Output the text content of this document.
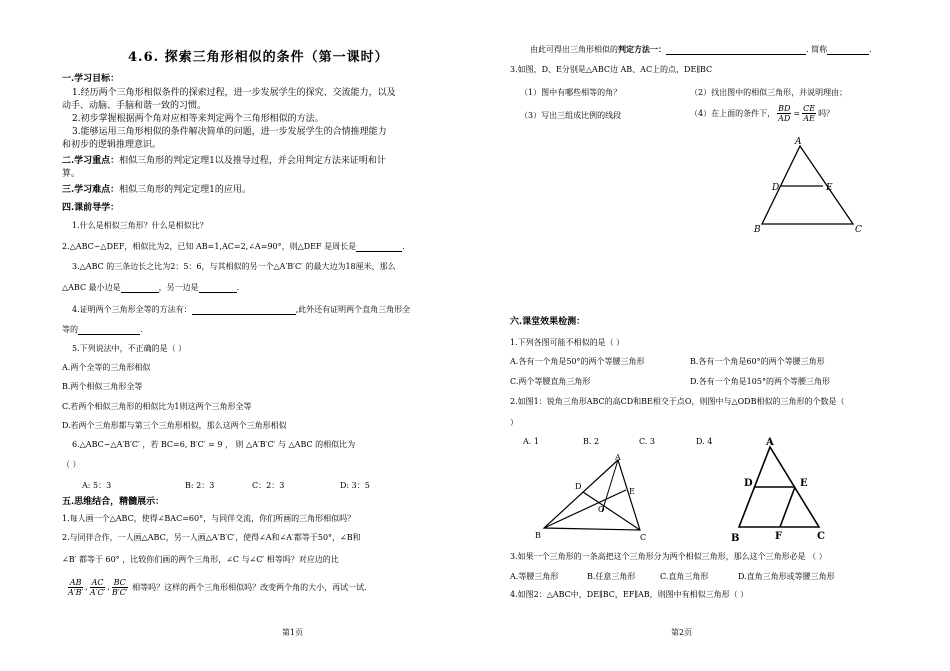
4.6. 探索三角形相似的条件（第一课时）
一.学习目标：
1.经历两个三角形相似条件的探索过程，进一步发展学生的探究、交流能力，以及
动手、动脑、手脑和谐一致的习惯。
2.初步掌握根据两个角对应相等来判定两个三角形相似的方法。
3.能够运用三角形相似的条件解决简单的问题，进一步发展学生的合情推理能力
和初步的逻辑推理意识。
二.学习重点：相似三角形的判定定理1以及推导过程，并会用判定方法来证明和计
算。
三.学习难点：相似三角形的判定定理1的应用。
四.课前导学：
1.什么是相似三角形？什么是相似比？
2.△ABC∽△DEF，相似比为2，已知 AB=1,AC=2,∠A=90°，则△DEF 是周长是	.
3.△ABC 的三条边长之比为2：5：6，与其相似的另一个△A′B′C′ 的最大边为18厘米，那么
△ABC 最小边是	，另一边是	.
4.证明两个三角形全等的方法有：	,此外还有证明两个直角三角形全
等的	.
5.下列说法中，不正确的是（ ）
A.两个全等的三角形相似
B.两个相似三角形全等
C.若两个相似三角形的相似比为1则这两个三角形全等
D.若两个三角形都与第三个三角形相似，那么这两个三角形相似
6.△ABC∽△A′B′C′ ，若 BC=6, B′C′ = 9 ， 则 △A′B′C′ 与 △ABC 的相似比为
（ ）
A: 5：3	B: 2：3	C：2：3	D: 3：5
五.思维结合，精髓展示：
1.每人画一个△ABC，使得∠BAC=60°，与同伴交流，你们所画的三角形相似吗？
2.与同伴合作，一人画△ABC，另一人画△A′B′C′，使得∠A和∠A′都等于50°，∠B和
∠B′ 都等于 60° ，比较你们画的两个三角形，∠C 与∠C′ 相等吗？对应边的比
$\frac{AB}{A'B'}$ , $\frac{AC}{A'C'}$ , $\frac{BC}{B'C'}$ 相等吗？这样的两个三角形相似吗？改变两个角的大小，再试一试.
第1页
由此可得出三角形相似的判定方法一：	. 简称	.
3.如图，D、E分别是△ABC边 AB、AC上的点，DE∥BC
（1）图中有哪些相等的角？	（2）找出图中的相似三角形，并说明理由；
（3）写出三组成比例的线段	（4）在上面的条件下， $\frac{BD}{AD} = \frac{CE}{AE}$ 吗？
A
D	E
B	C
六.课堂效果检测：
1.下列各图可能不相似的是（ ）
A.各有一个角是50°的两个等腰三角形	B.各有一个角是60°的两个等腰三角形
C.两个等腰直角三角形	D.各有一个角是105°的两个等腰三角形
2.如图1：锐角三角形ABC的高CD和BE相交于点O，则图中与△ODB相似的三角形的个数是（
）
A. 1	B. 2	C. 3	D. 4
A
D
E
O
B	C
A
D	E
B	F	C
3.如果一个三角形的一条高把这个三角形分为两个相似三角形，那么这个三角形必是 （ ）
A.等腰三角形	B.任意三角形	C.直角三角形	D.直角三角形或等腰三角形
4.如图2：△ABC中，DE∥BC，EF∥AB，则图中有相似三角形（ ）
第2页
